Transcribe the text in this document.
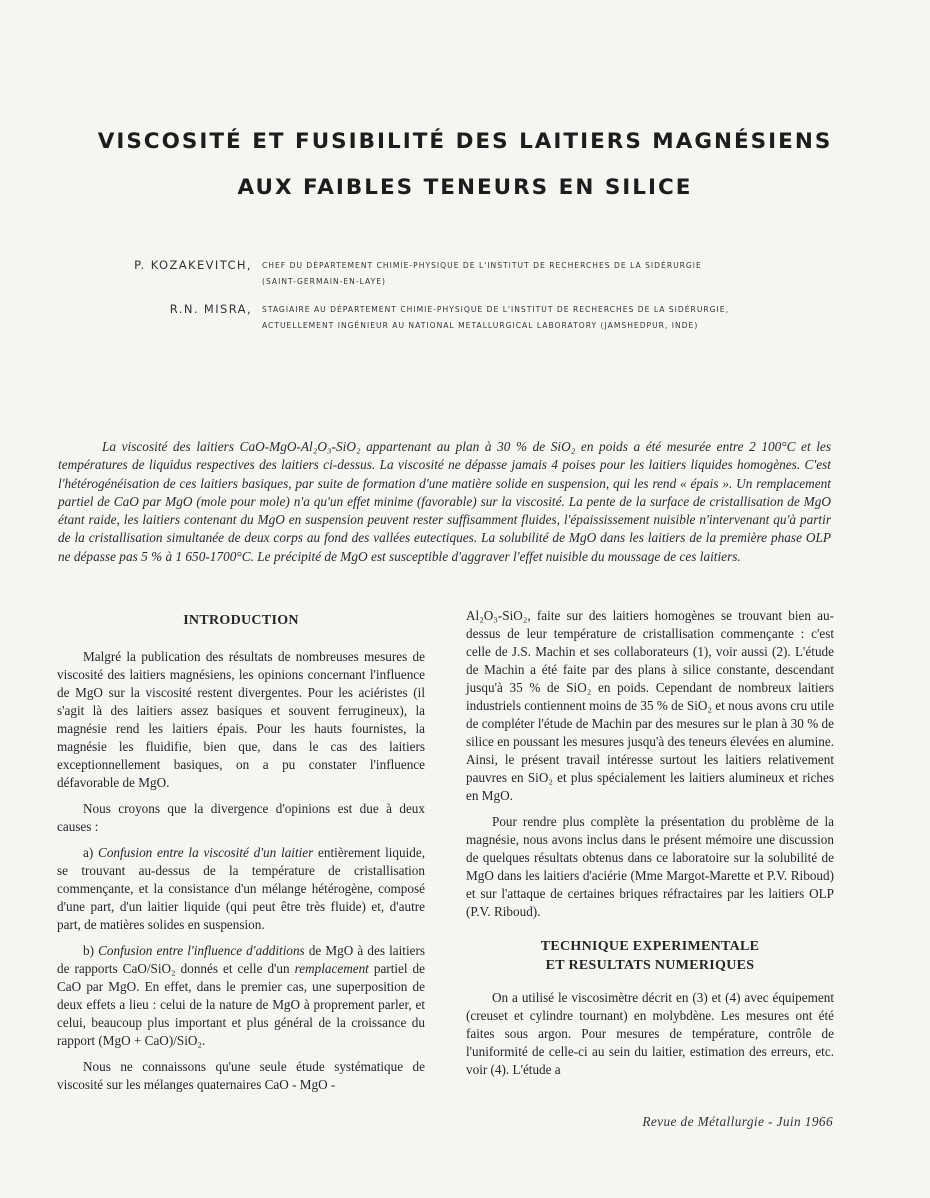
VISCOSITÉ ET FUSIBILITÉ DES LAITIERS MAGNÉSIENS
AUX FAIBLES TENEURS EN SILICE
P. KOZAKEVITCH,	CHEF DU DÉPARTEMENT CHIMIE-PHYSIQUE DE L'INSTITUT DE RECHERCHES DE LA SIDÉRURGIE
(SAINT-GERMAIN-EN-LAYE)
R.N. MISRA,	STAGIAIRE AU DÉPARTEMENT CHIMIE-PHYSIQUE DE L'INSTITUT DE RECHERCHES DE LA SIDÉRURGIE,
ACTUELLEMENT INGÉNIEUR AU NATIONAL METALLURGICAL LABORATORY (JAMSHEDPUR, INDE)
La viscosité des laitiers CaO-MgO-Al₂O₃-SiO₂ appartenant au plan à 30 % de SiO₂ en poids a été mesurée entre 2 100°C et les températures de liquidus respectives des laitiers ci-dessus. La viscosité ne dépasse jamais 4 poises pour les laitiers liquides homogènes. C'est l'hétérogénéisation de ces laitiers basiques, par suite de formation d'une matière solide en suspension, qui les rend « épais ». Un remplacement partiel de CaO par MgO (mole pour mole) n'a qu'un effet minime (favorable) sur la viscosité. La pente de la surface de cristallisation de MgO étant raide, les laitiers contenant du MgO en suspension peuvent rester suffisamment fluides, l'épaississement nuisible n'intervenant qu'à partir de la cristallisation simultanée de deux corps au fond des vallées eutectiques. La solubilité de MgO dans les laitiers de la première phase OLP ne dépasse pas 5 % à 1 650-1700°C. Le précipité de MgO est susceptible d'aggraver l'effet nuisible du moussage de ces laitiers.
INTRODUCTION

Malgré la publication des résultats de nombreuses mesures de viscosité des laitiers magnésiens, les opinions concernant l'influence de MgO sur la viscosité restent divergentes. Pour les aciéristes (il s'agit là des laitiers assez basiques et souvent ferrugineux), la magnésie rend les laitiers épais. Pour les hauts fournistes, la magnésie les fluidifie, bien que, dans le cas des laitiers exceptionnellement basiques, on a pu constater l'influence défavorable de MgO.

Nous croyons que la divergence d'opinions est due à deux causes :

a) Confusion entre la viscosité d'un laitier entièrement liquide, se trouvant au-dessus de la température de cristallisation commençante, et la consistance d'un mélange hétérogène, composé d'une part, d'un laitier liquide (qui peut être très fluide) et, d'autre part, de matières solides en suspension.

b) Confusion entre l'influence d'additions de MgO à des laitiers de rapports CaO/SiO₂ donnés et celle d'un remplacement partiel de CaO par MgO. En effet, dans le premier cas, une superposition de deux effets a lieu : celui de la nature de MgO à proprement parler, et celui, beaucoup plus important et plus général de la croissance du rapport (MgO + CaO)/SiO₂.

Nous ne connaissons qu'une seule étude systématique de viscosité sur les mélanges quaternaires CaO - MgO -

Al₂O₃-SiO₂, faite sur des laitiers homogènes se trouvant bien au-dessus de leur température de cristallisation commençante : c'est celle de J.S. Machin et ses collaborateurs (1), voir aussi (2). L'étude de Machin a été faite par des plans à silice constante, descendant jusqu'à 35 % de SiO₂ en poids. Cependant de nombreux laitiers industriels contiennent moins de 35 % de SiO₂ et nous avons cru utile de compléter l'étude de Machin par des mesures sur le plan à 30 % de silice en poussant les mesures jusqu'à des teneurs élevées en alumine. Ainsi, le présent travail intéresse surtout les laitiers relativement pauvres en SiO₂ et plus spécialement les laitiers alumineux et riches en MgO.

Pour rendre plus complète la présentation du problème de la magnésie, nous avons inclus dans le présent mémoire une discussion de quelques résultats obtenus dans ce laboratoire sur la solubilité de MgO dans les laitiers d'aciérie (Mme Margot-Marette et P.V. Riboud) et sur l'attaque de certaines briques réfractaires par les laitiers OLP (P.V. Riboud).

TECHNIQUE EXPERIMENTALE
ET RESULTATS NUMERIQUES

On a utilisé le viscosimètre décrit en (3) et (4) avec équipement (creuset et cylindre tournant) en molybdène. Les mesures ont été faites sous argon. Pour mesures de température, contrôle de l'uniformité de celle-ci au sein du laitier, estimation des erreurs, etc. voir (4). L'étude a

Revue de Métallurgie - Juin 1966
